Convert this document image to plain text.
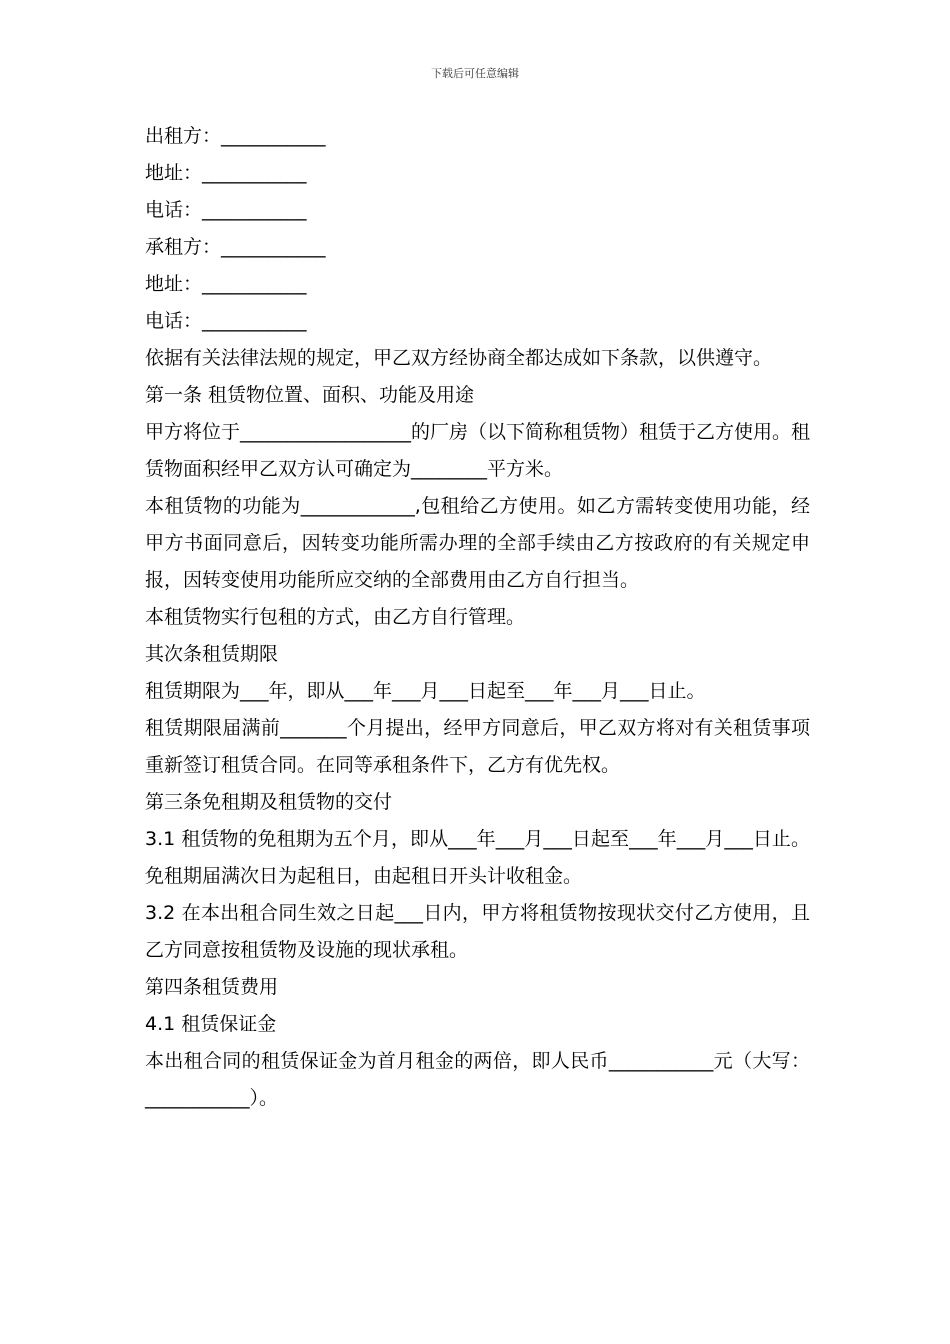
下载后可任意编辑

出租方：___________

地址：___________

电话：___________

承租方：___________

地址：___________

电话：___________

依据有关法律法规的规定，甲乙双方经协商全都达成如下条款，以供遵守。

第一条 租赁物位置、面积、功能及用途

甲方将位于__________________的厂房（以下简称租赁物）租赁于乙方使用。租赁物面积经甲乙双方认可确定为________平方米。

本租赁物的功能为____________,包租给乙方使用。如乙方需转变使用功能，经甲方书面同意后，因转变功能所需办理的全部手续由乙方按政府的有关规定申报，因转变使用功能所应交纳的全部费用由乙方自行担当。

本租赁物实行包租的方式，由乙方自行管理。

其次条租赁期限

租赁期限为___年，即从___年___月___日起至___年___月___日止。

租赁期限届满前_______个月提出，经甲方同意后，甲乙双方将对有关租赁事项重新签订租赁合同。在同等承租条件下，乙方有优先权。

第三条免租期及租赁物的交付

3.1 租赁物的免租期为五个月，即从___年___月___日起至___年___月___日止。免租期届满次日为起租日，由起租日开头计收租金。

3.2 在本出租合同生效之日起___日内，甲方将租赁物按现状交付乙方使用，且乙方同意按租赁物及设施的现状承租。

第四条租赁费用

4.1 租赁保证金

本出租合同的租赁保证金为首月租金的两倍，即人民币___________元（大写：___________）。
